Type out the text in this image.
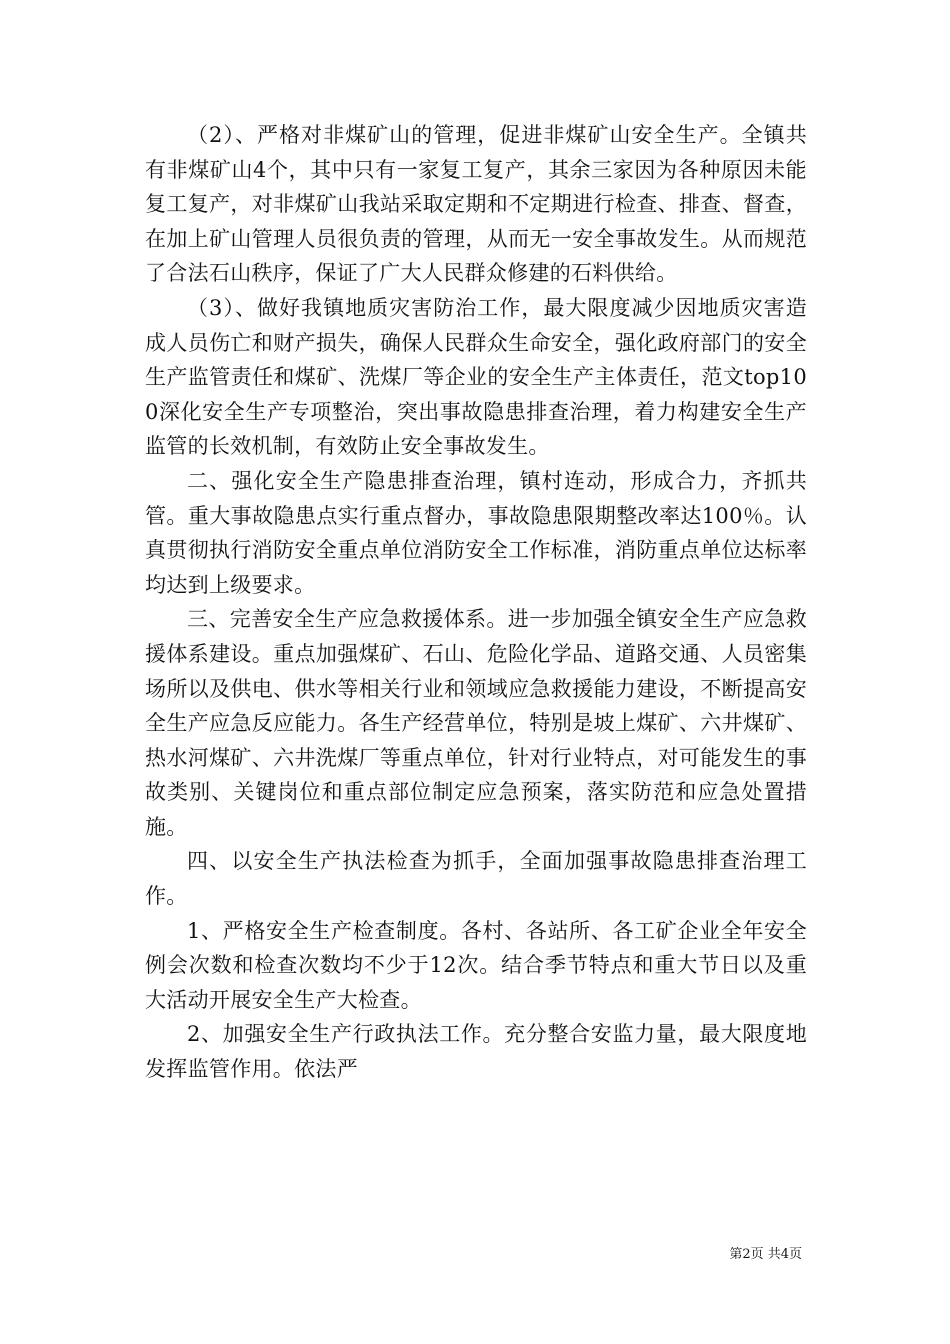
（2）、严格对非煤矿山的管理，促进非煤矿山安全生产。全镇共有非煤矿山4个，其中只有一家复工复产，其余三家因为各种原因未能复工复产，对非煤矿山我站采取定期和不定期进行检查、排查、督查，在加上矿山管理人员很负责的管理，从而无一安全事故发生。从而规范了合法石山秩序，保证了广大人民群众修建的石料供给。

（3）、做好我镇地质灾害防治工作，最大限度减少因地质灾害造成人员伤亡和财产损失，确保人民群众生命安全，强化政府部门的安全生产监管责任和煤矿、洗煤厂等企业的安全生产主体责任，范文top100深化安全生产专项整治，突出事故隐患排查治理，着力构建安全生产监管的长效机制，有效防止安全事故发生。

二、强化安全生产隐患排查治理，镇村连动，形成合力，齐抓共管。重大事故隐患点实行重点督办，事故隐患限期整改率达100％。认真贯彻执行消防安全重点单位消防安全工作标准，消防重点单位达标率均达到上级要求。

三、完善安全生产应急救援体系。进一步加强全镇安全生产应急救援体系建设。重点加强煤矿、石山、危险化学品、道路交通、人员密集场所以及供电、供水等相关行业和领域应急救援能力建设，不断提高安全生产应急反应能力。各生产经营单位，特别是坡上煤矿、六井煤矿、热水河煤矿、六井洗煤厂等重点单位，针对行业特点，对可能发生的事故类别、关键岗位和重点部位制定应急预案，落实防范和应急处置措施。

四、以安全生产执法检查为抓手，全面加强事故隐患排查治理工作。

1、严格安全生产检查制度。各村、各站所、各工矿企业全年安全例会次数和检查次数均不少于12次。结合季节特点和重大节日以及重大活动开展安全生产大检查。

2、加强安全生产行政执法工作。充分整合安监力量，最大限度地发挥监管作用。依法严

第2页 共4页
